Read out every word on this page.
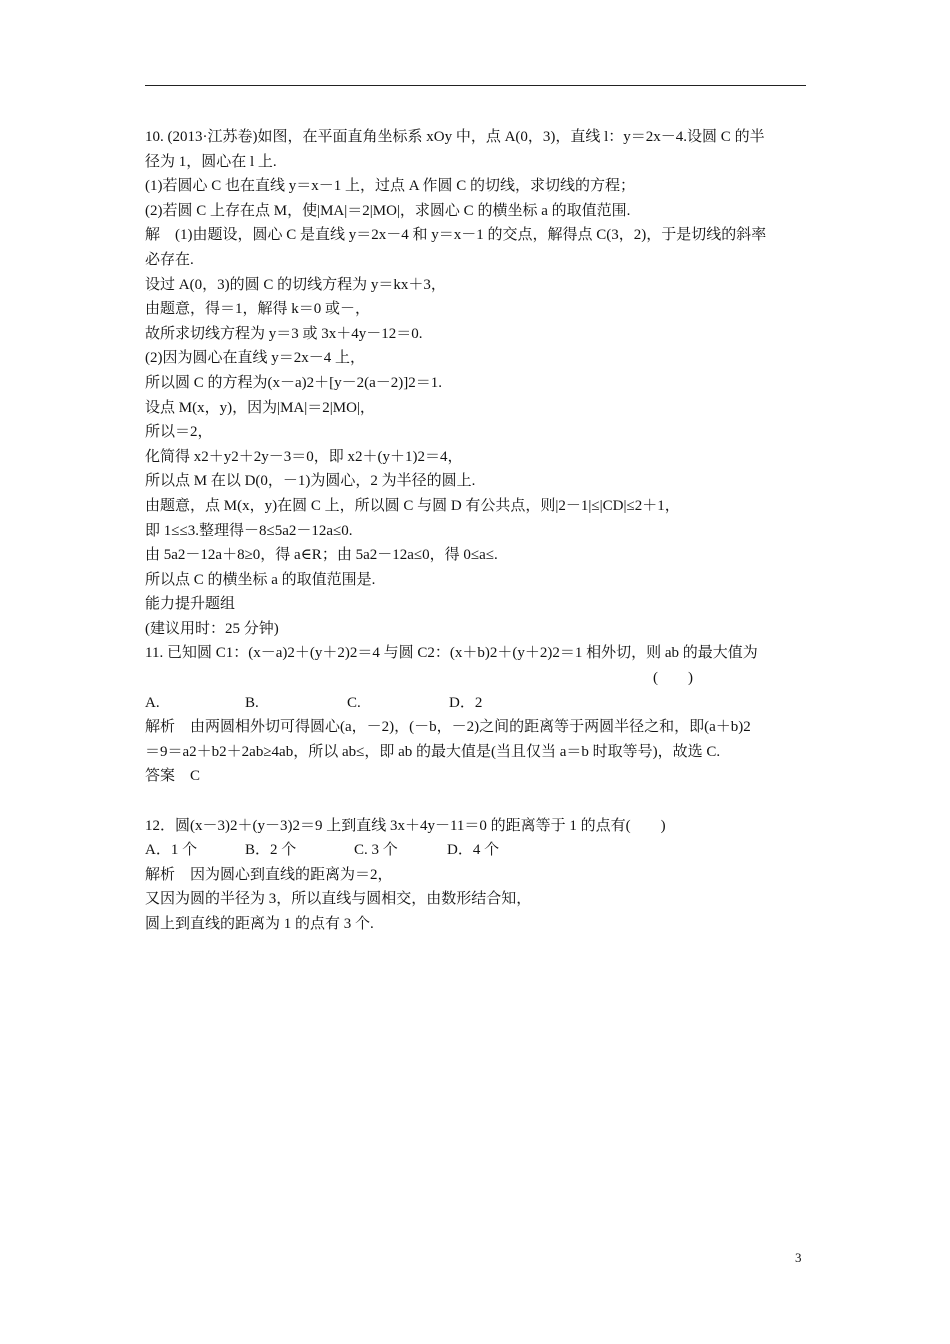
10. (2013·江苏卷)如图，在平面直角坐标系 xOy 中，点 A(0，3)，直线 l：y＝2x－4.设圆 C 的半
径为 1，圆心在 l 上.
(1)若圆心 C 也在直线 y＝x－1 上，过点 A 作圆 C 的切线，求切线的方程；
(2)若圆 C 上存在点 M，使|MA|＝2|MO|，求圆心 C 的横坐标 a 的取值范围.
解　(1)由题设，圆心 C 是直线 y＝2x－4 和 y＝x－1 的交点，解得点 C(3，2)，于是切线的斜率
必存在.
设过 A(0，3)的圆 C 的切线方程为 y＝kx＋3，
由题意，得＝1，解得 k＝0 或－，
故所求切线方程为 y＝3 或 3x＋4y－12＝0.
(2)因为圆心在直线 y＝2x－4 上，
所以圆 C 的方程为(x－a)2＋[y－2(a－2)]2＝1.
设点 M(x，y)，因为|MA|＝2|MO|，
所以＝2，
化简得 x2＋y2＋2y－3＝0，即 x2＋(y＋1)2＝4，
所以点 M 在以 D(0，－1)为圆心，2 为半径的圆上.
由题意，点 M(x，y)在圆 C 上，所以圆 C 与圆 D 有公共点，则|2－1|≤|CD|≤2＋1，
即 1≤≤3.整理得－8≤5a2－12a≤0.
由 5a2－12a＋8≥0，得 a∈R；由 5a2－12a≤0，得 0≤a≤.
所以点 C 的横坐标 a 的取值范围是.
能力提升题组
(建议用时：25 分钟)
11. 已知圆 C1：(x－a)2＋(y＋2)2＝4 与圆 C2：(x＋b)2＋(y＋2)2＝1 相外切，则 ab 的最大值为
(　　)
A.	B.	C.	D．2
解析　由两圆相外切可得圆心(a，－2)，(－b，－2)之间的距离等于两圆半径之和，即(a＋b)2
＝9＝a2＋b2＋2ab≥4ab，所以 ab≤，即 ab 的最大值是(当且仅当 a＝b 时取等号)，故选 C.
答案　C
12．圆(x－3)2＋(y－3)2＝9 上到直线 3x＋4y－11＝0 的距离等于 1 的点有(　　)
A．1 个	B．2 个	C. 3 个	D．4 个
解析　因为圆心到直线的距离为＝2，
又因为圆的半径为 3，所以直线与圆相交，由数形结合知，
圆上到直线的距离为 1 的点有 3 个.
3
